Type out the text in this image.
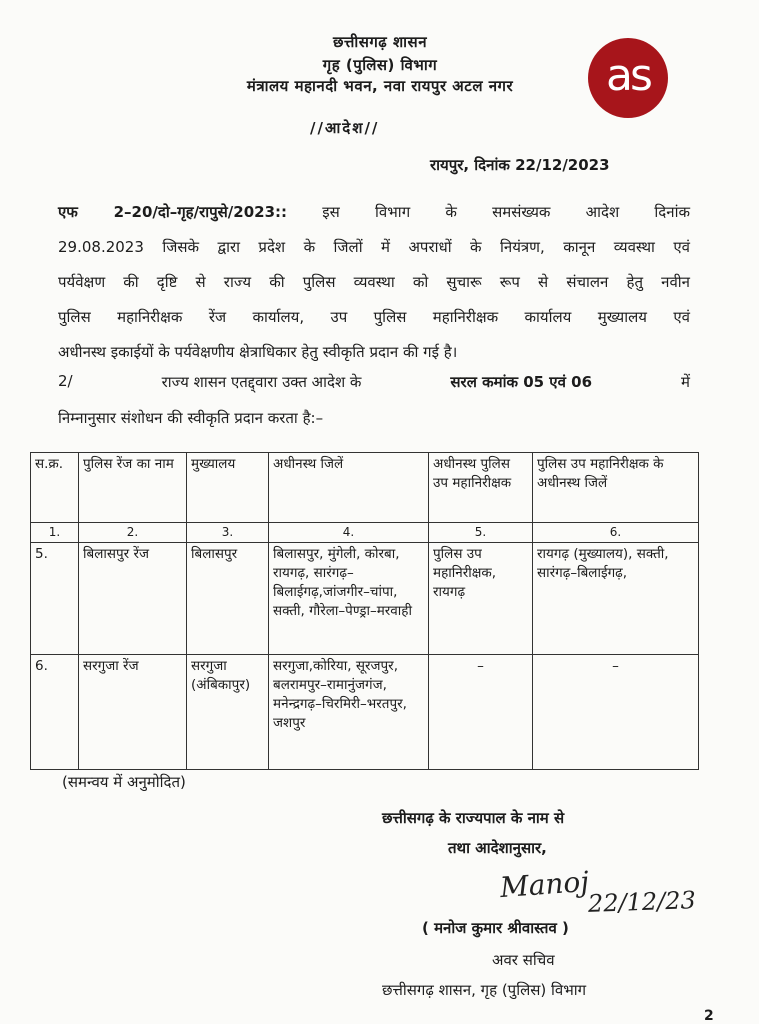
छत्तीसगढ़ शासन
गृह (पुलिस) विभाग
मंत्रालय महानदी भवन, नवा रायपुर अटल नगर	as
//आदेश//
रायपुर, दिनांक 22/12/2023
एफ 2–20/दो–गृह/रापुसे/2023:: इस विभाग के समसंख्यक आदेश दिनांक
29.08.2023 जिसके द्वारा प्रदेश के जिलों में अपराधों के नियंत्रण, कानून व्यवस्था एवं
पर्यवेक्षण की दृष्टि से राज्य की पुलिस व्यवस्था को सुचारू रूप से संचालन हेतु नवीन
पुलिस महानिरीक्षक रेंज कार्यालय, उप पुलिस महानिरीक्षक कार्यालय मुख्यालय एवं
अधीनस्थ इकाईयों के पर्यवेक्षणीय क्षेत्राधिकार हेतु स्वीकृति प्रदान की गई है।
2/	राज्य शासन एतद्द्वारा उक्त आदेश के	सरल कमांक 05 एवं 06	में
निम्नानुसार संशोधन की स्वीकृति प्रदान करता है:–
स.क्र.	पुलिस रेंज का नाम	मुख्यालय	अधीनस्थ जिलें	अधीनस्थ पुलिस उप महानिरीक्षक	पुलिस उप महानिरीक्षक के अधीनस्थ जिलें
1.	2.	3.	4.	5.	6.
5.	बिलासपुर रेंज	बिलासपुर	बिलासपुर, मुंगेली, कोरबा, रायगढ़, सारंगढ़–बिलाईगढ़,जांजगीर–चांपा, सक्ती, गौरेला–पेण्ड्रा–मरवाही	पुलिस उप महानिरीक्षक, रायगढ़	रायगढ़ (मुख्यालय), सक्ती, सारंगढ़–बिलाईगढ़,
6.	सरगुजा रेंज	सरगुजा (अंबिकापुर)	सरगुजा,कोरिया, सूरजपुर, बलरामपुर–रामानुंजगंज, मनेन्द्रगढ़–चिरमिरी–भरतपुर, जशपुर	–	–
(समन्वय में अनुमोदित)
छत्तीसगढ़ के राज्यपाल के नाम से
तथा आदेशानुसार,
Manoj
22/12/23
( मनोज कुमार श्रीवास्तव )
अवर सचिव
छत्तीसगढ़ शासन, गृह (पुलिस) विभाग
2
